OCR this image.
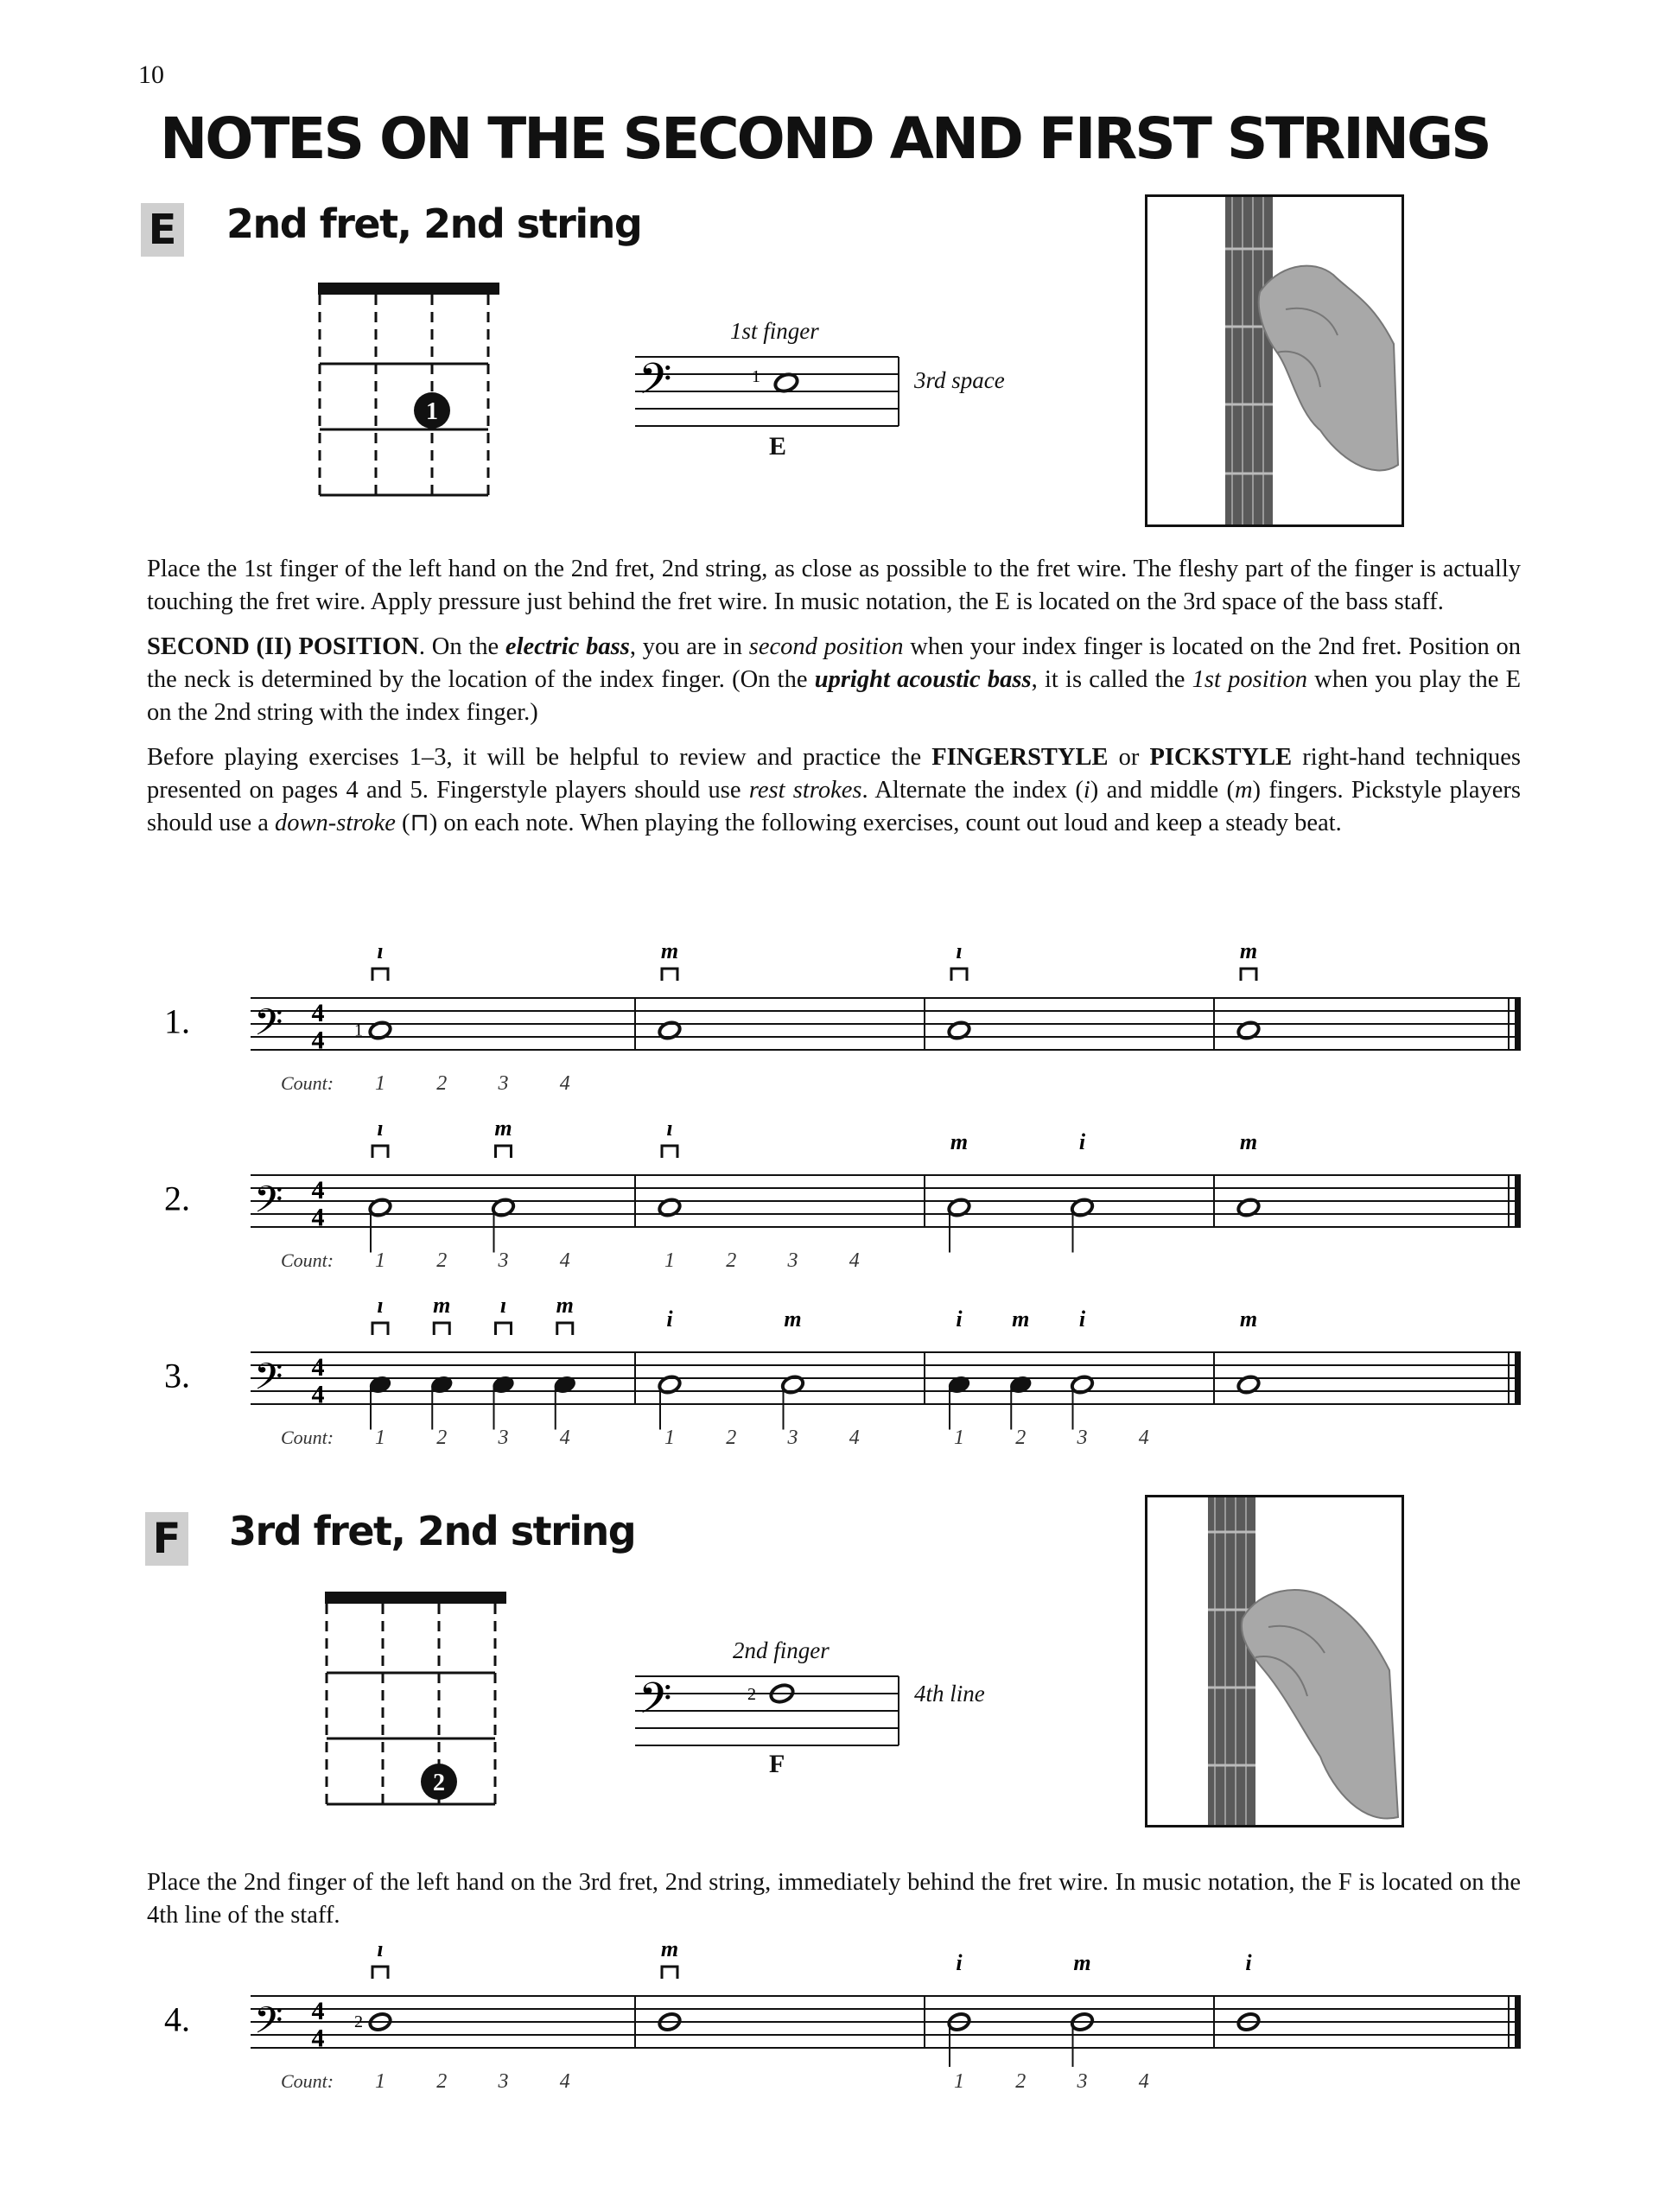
10
NOTES ON THE SECOND AND FIRST STRINGS
E 2nd fret, 2nd string
1
1st finger
𝄢	1	3rd space
E

Place the 1st finger of the left hand on the 2nd fret, 2nd string, as close as possible to the fret wire. The fleshy part of the finger is actually touching the fret wire. Apply pressure just behind the fret wire. In music notation, the E is located on the 3rd space of the bass staff.

SECOND (II) POSITION. On the electric bass, you are in second position when your index finger is located on the 2nd fret. Position on the neck is determined by the location of the index finger. (On the upright acoustic bass, it is called the 1st position when you play the E on the 2nd string with the index finger.)

Before playing exercises 1–3, it will be helpful to review and practice the FINGERSTYLE or PICKSTYLE right-hand techniques presented on pages 4 and 5. Fingerstyle players should use rest strokes. Alternate the index (i) and middle (m) fingers. Pickstyle players should use a down-stroke (⊓) on each note. When playing the following exercises, count out loud and keep a steady beat.

1. 𝄢 4
4
i
1
Count: 1 2 3 4
m	i	m
2. 𝄢 4
4
i	m
Count: 1 2 3 4
i
1 2 3 4
m	i	m
3. 𝄢 4
4
i m i m
Count: 1 2 3 4
i	m
1 2 3 4
i m i
1 2 3 4
m
F 3rd fret, 2nd string
2
2nd finger
𝄢	2	4th line
F

Place the 2nd finger of the left hand on the 3rd fret, 2nd string, immediately behind the fret wire. In music notation, the F is located on the 4th line of the staff.

4. 𝄢 4
4
i
2
Count: 1 2 3 4
m
i	m
1 2 3 4
i
